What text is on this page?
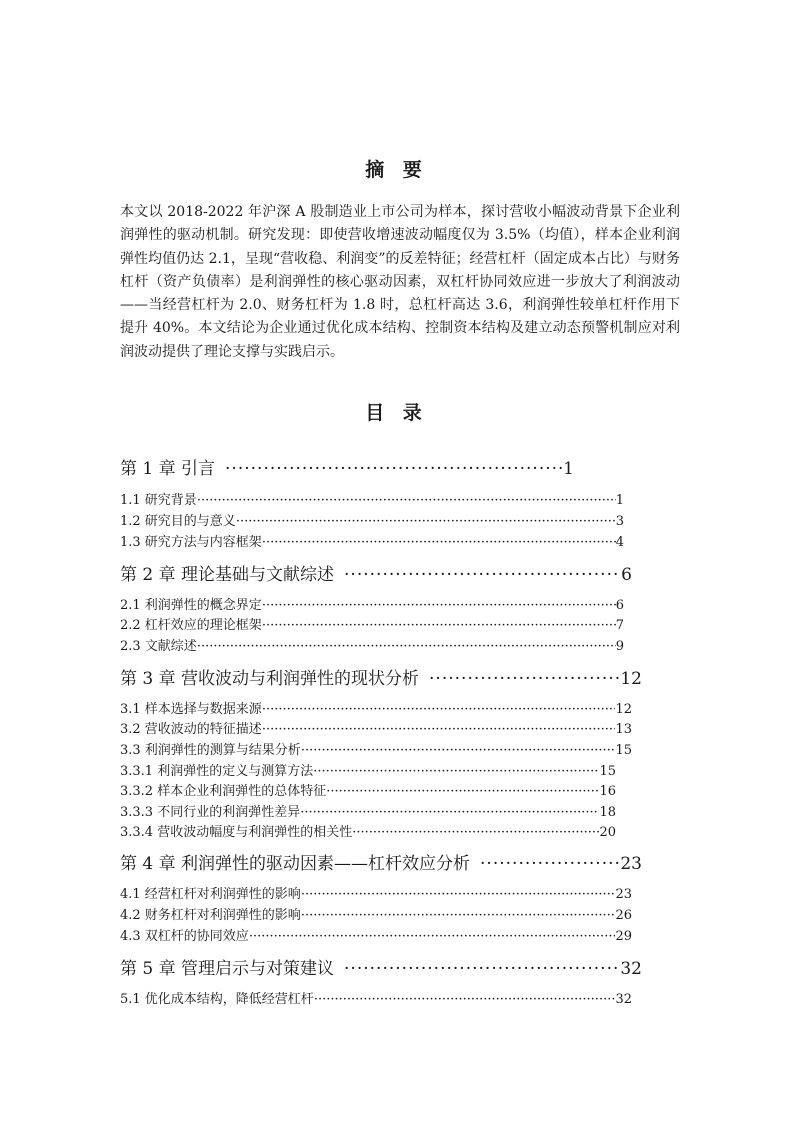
摘 要

本文以 2018-2022 年沪深 A 股制造业上市公司为样本，探讨营收小幅波动背景下企业利润弹性的驱动机制。研究发现：即使营收增速波动幅度仅为 3.5%（均值），样本企业利润弹性均值仍达 2.1，呈现“营收稳、利润变”的反差特征；经营杠杆（固定成本占比）与财务杠杆（资产负债率）是利润弹性的核心驱动因素，双杠杆协同效应进一步放大了利润波动——当经营杠杆为 2.0、财务杠杆为 1.8 时，总杠杆高达 3.6，利润弹性较单杠杆作用下提升 40%。本文结论为企业通过优化成本结构、控制资本结构及建立动态预警机制应对利润波动提供了理论支撑与实践启示。

目 录
第 1 章 引言 ·····	1
1.1 研究背景 ·····	1
1.2 研究目的与意义 ·····	3
1.3 研究方法与内容框架 ·····	4
第 2 章 理论基础与文献综述 ·····	6
2.1 利润弹性的概念界定 ·····	6
2.2 杠杆效应的理论框架 ·····	7
2.3 文献综述 ·····	9
第 3 章 营收波动与利润弹性的现状分析 ·····	12
3.1 样本选择与数据来源 ·····	12
3.2 营收波动的特征描述 ·····	13
3.3 利润弹性的测算与结果分析 ·····	15
3.3.1 利润弹性的定义与测算方法 ·····	15
3.3.2 样本企业利润弹性的总体特征 ·····	16
3.3.3 不同行业的利润弹性差异 ·····	18
3.3.4 营收波动幅度与利润弹性的相关性 ·····	20
第 4 章 利润弹性的驱动因素——杠杆效应分析 ·····	23
4.1 经营杠杆对利润弹性的影响 ·····	23
4.2 财务杠杆对利润弹性的影响 ·····	26
4.3 双杠杆的协同效应 ·····	29
第 5 章 管理启示与对策建议 ·····	32
5.1 优化成本结构，降低经营杠杆 ·····	32
